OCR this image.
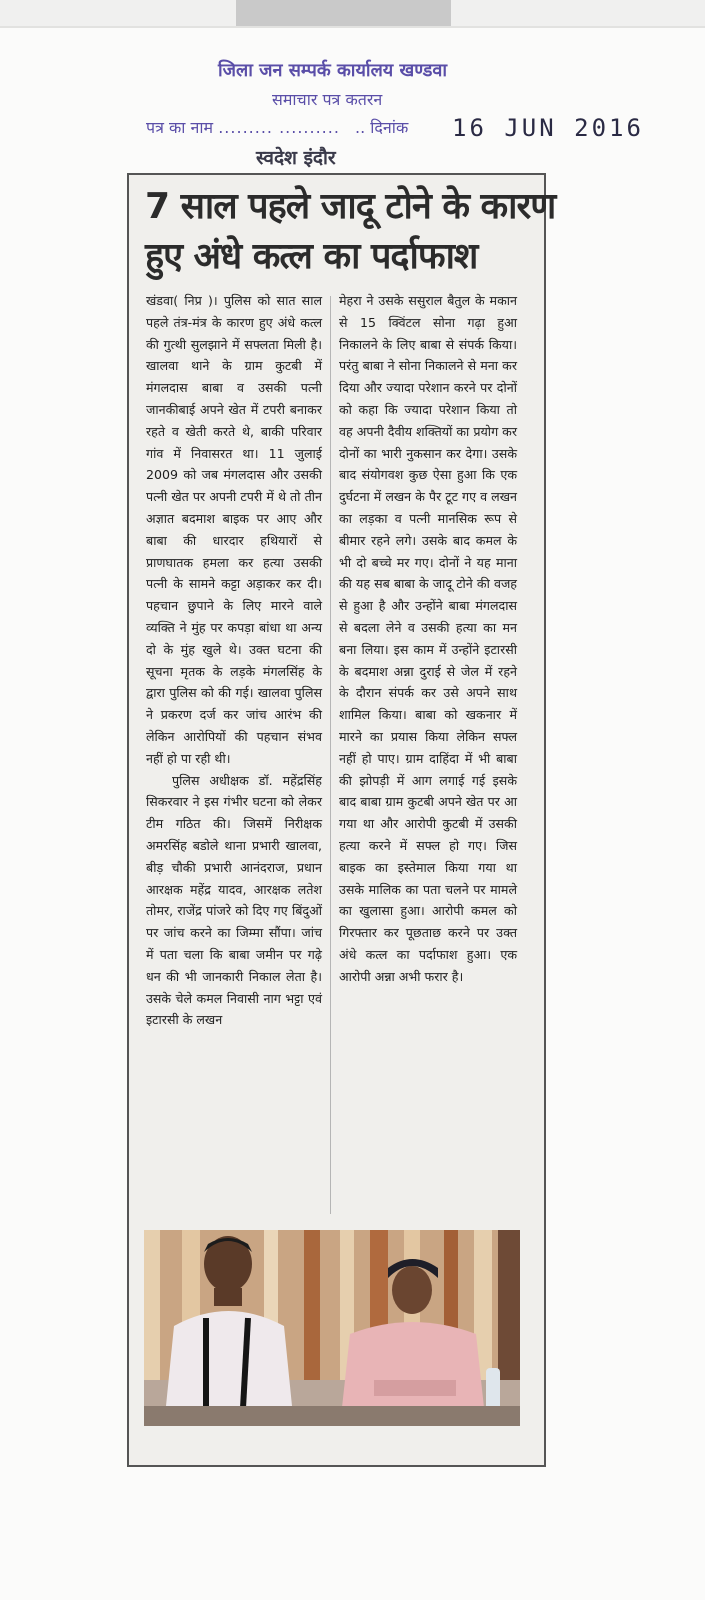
जिला जन सम्पर्क कार्यालय खण्डवा
समाचार पत्र कतरन
पत्र का नाम ......... .......... .. दिनांक 16 JUN 2016
स्वदेश इंदौर
7 साल पहले जादू टोने के कारण
हुए अंधे कत्ल का पर्दाफाश

खंडवा( निप्र )। पुलिस को सात साल पहले तंत्र-मंत्र के कारण हुए अंधे कत्ल की गुत्थी सुलझाने में सफ्लता मिली है। खालवा थाने के ग्राम कुटबी में मंगलदास बाबा व उसकी पत्नी जानकीबाई अपने खेत में टपरी बनाकर रहते व खेती करते थे, बाकी परिवार गांव में निवासरत था। 11 जुलाई 2009 को जब मंगलदास और उसकी पत्नी खेत पर अपनी टपरी में थे तो तीन अज्ञात बदमाश बाइक पर आए और बाबा की धारदार हथियारों से प्राणघातक हमला कर हत्या उसकी पत्नी के सामने कट्टा अड़ाकर कर दी। पहचान छुपाने के लिए मारने वाले व्यक्ति ने मुंह पर कपड़ा बांधा था अन्य दो के मुंह खुले थे। उक्त घटना की सूचना मृतक के लड़के मंगलसिंह के द्वारा पुलिस को की गई। खालवा पुलिस ने प्रकरण दर्ज कर जांच आरंभ की लेकिन आरोपियों की पहचान संभव नहीं हो पा रही थी।

पुलिस अधीक्षक डॉ. महेंद्रसिंह सिकरवार ने इस गंभीर घटना को लेकर टीम गठित की। जिसमें निरीक्षक अमरसिंह बडोले थाना प्रभारी खालवा, बीड़ चौकी प्रभारी आनंदराज, प्रधान आरक्षक महेंद्र यादव, आरक्षक लतेश तोमर, राजेंद्र पांजरे को दिए गए बिंदुओं पर जांच करने का जिम्मा सौंपा। जांच में पता चला कि बाबा जमीन पर गढ़े धन की भी जानकारी निकाल लेता है। उसके चेले कमल निवासी नाग भट्टा एवं इटारसी के लखन

मेहरा ने उसके ससुराल बैतुल के मकान से 15 क्विंटल सोना गढ़ा हुआ निकालने के लिए बाबा से संपर्क किया। परंतु बाबा ने सोना निकालने से मना कर दिया और ज्यादा परेशान करने पर दोनों को कहा कि ज्यादा परेशान किया तो वह अपनी दैवीय शक्तियों का प्रयोग कर दोनों का भारी नुकसान कर देगा। उसके बाद संयोगवश कुछ ऐसा हुआ कि एक दुर्घटना में लखन के पैर टूट गए व लखन का लड़का व पत्नी मानसिक रूप से बीमार रहने लगे। उसके बाद कमल के भी दो बच्चे मर गए। दोनों ने यह माना की यह सब बाबा के जादू टोने की वजह से हुआ है और उन्होंने बाबा मंगलदास से बदला लेने व उसकी हत्या का मन बना लिया। इस काम में उन्होंने इटारसी के बदमाश अन्ना दुराई से जेल में रहने के दौरान संपर्क कर उसे अपने साथ शामिल किया। बाबा को खकनार में मारने का प्रयास किया लेकिन सफ्ल नहीं हो पाए। ग्राम दाहिंदा में भी बाबा की झोपड़ी में आग लगाई गई इसके बाद बाबा ग्राम कुटबी अपने खेत पर आ गया था और आरोपी कुटबी में उसकी हत्या करने में सफ्ल हो गए। जिस बाइक का इस्तेमाल किया गया था उसके मालिक का पता चलने पर मामले का खुलासा हुआ। आरोपी कमल को गिरफ्तार कर पूछताछ करने पर उक्त अंधे कत्ल का पर्दाफाश हुआ। एक आरोपी अन्ना अभी फरार है।
